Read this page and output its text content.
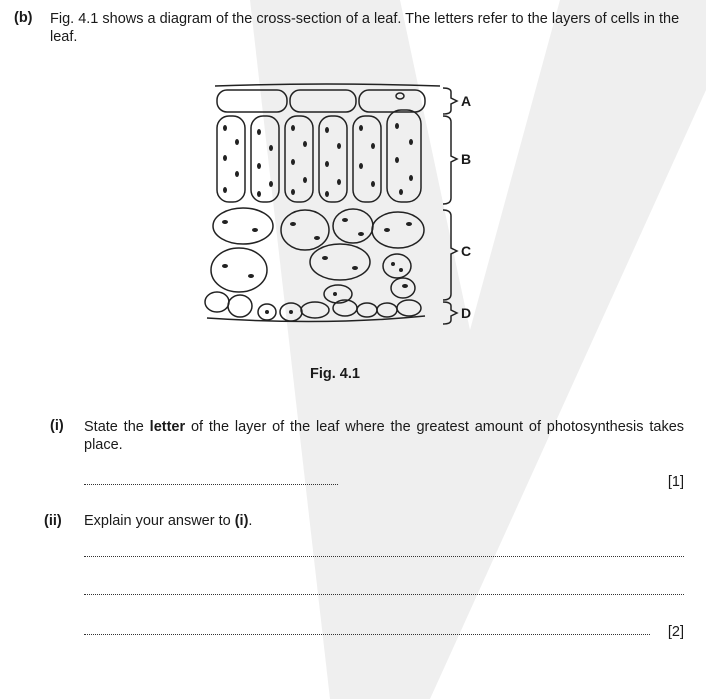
(b) Fig. 4.1 shows a diagram of the cross-section of a leaf. The letters refer to the layers of cells in the leaf.
A
B
C
D
Fig. 4.1
(i) State the letter of the layer of the leaf where the greatest amount of photosynthesis takes place.
[1]
(ii) Explain your answer to (i).
[2]
